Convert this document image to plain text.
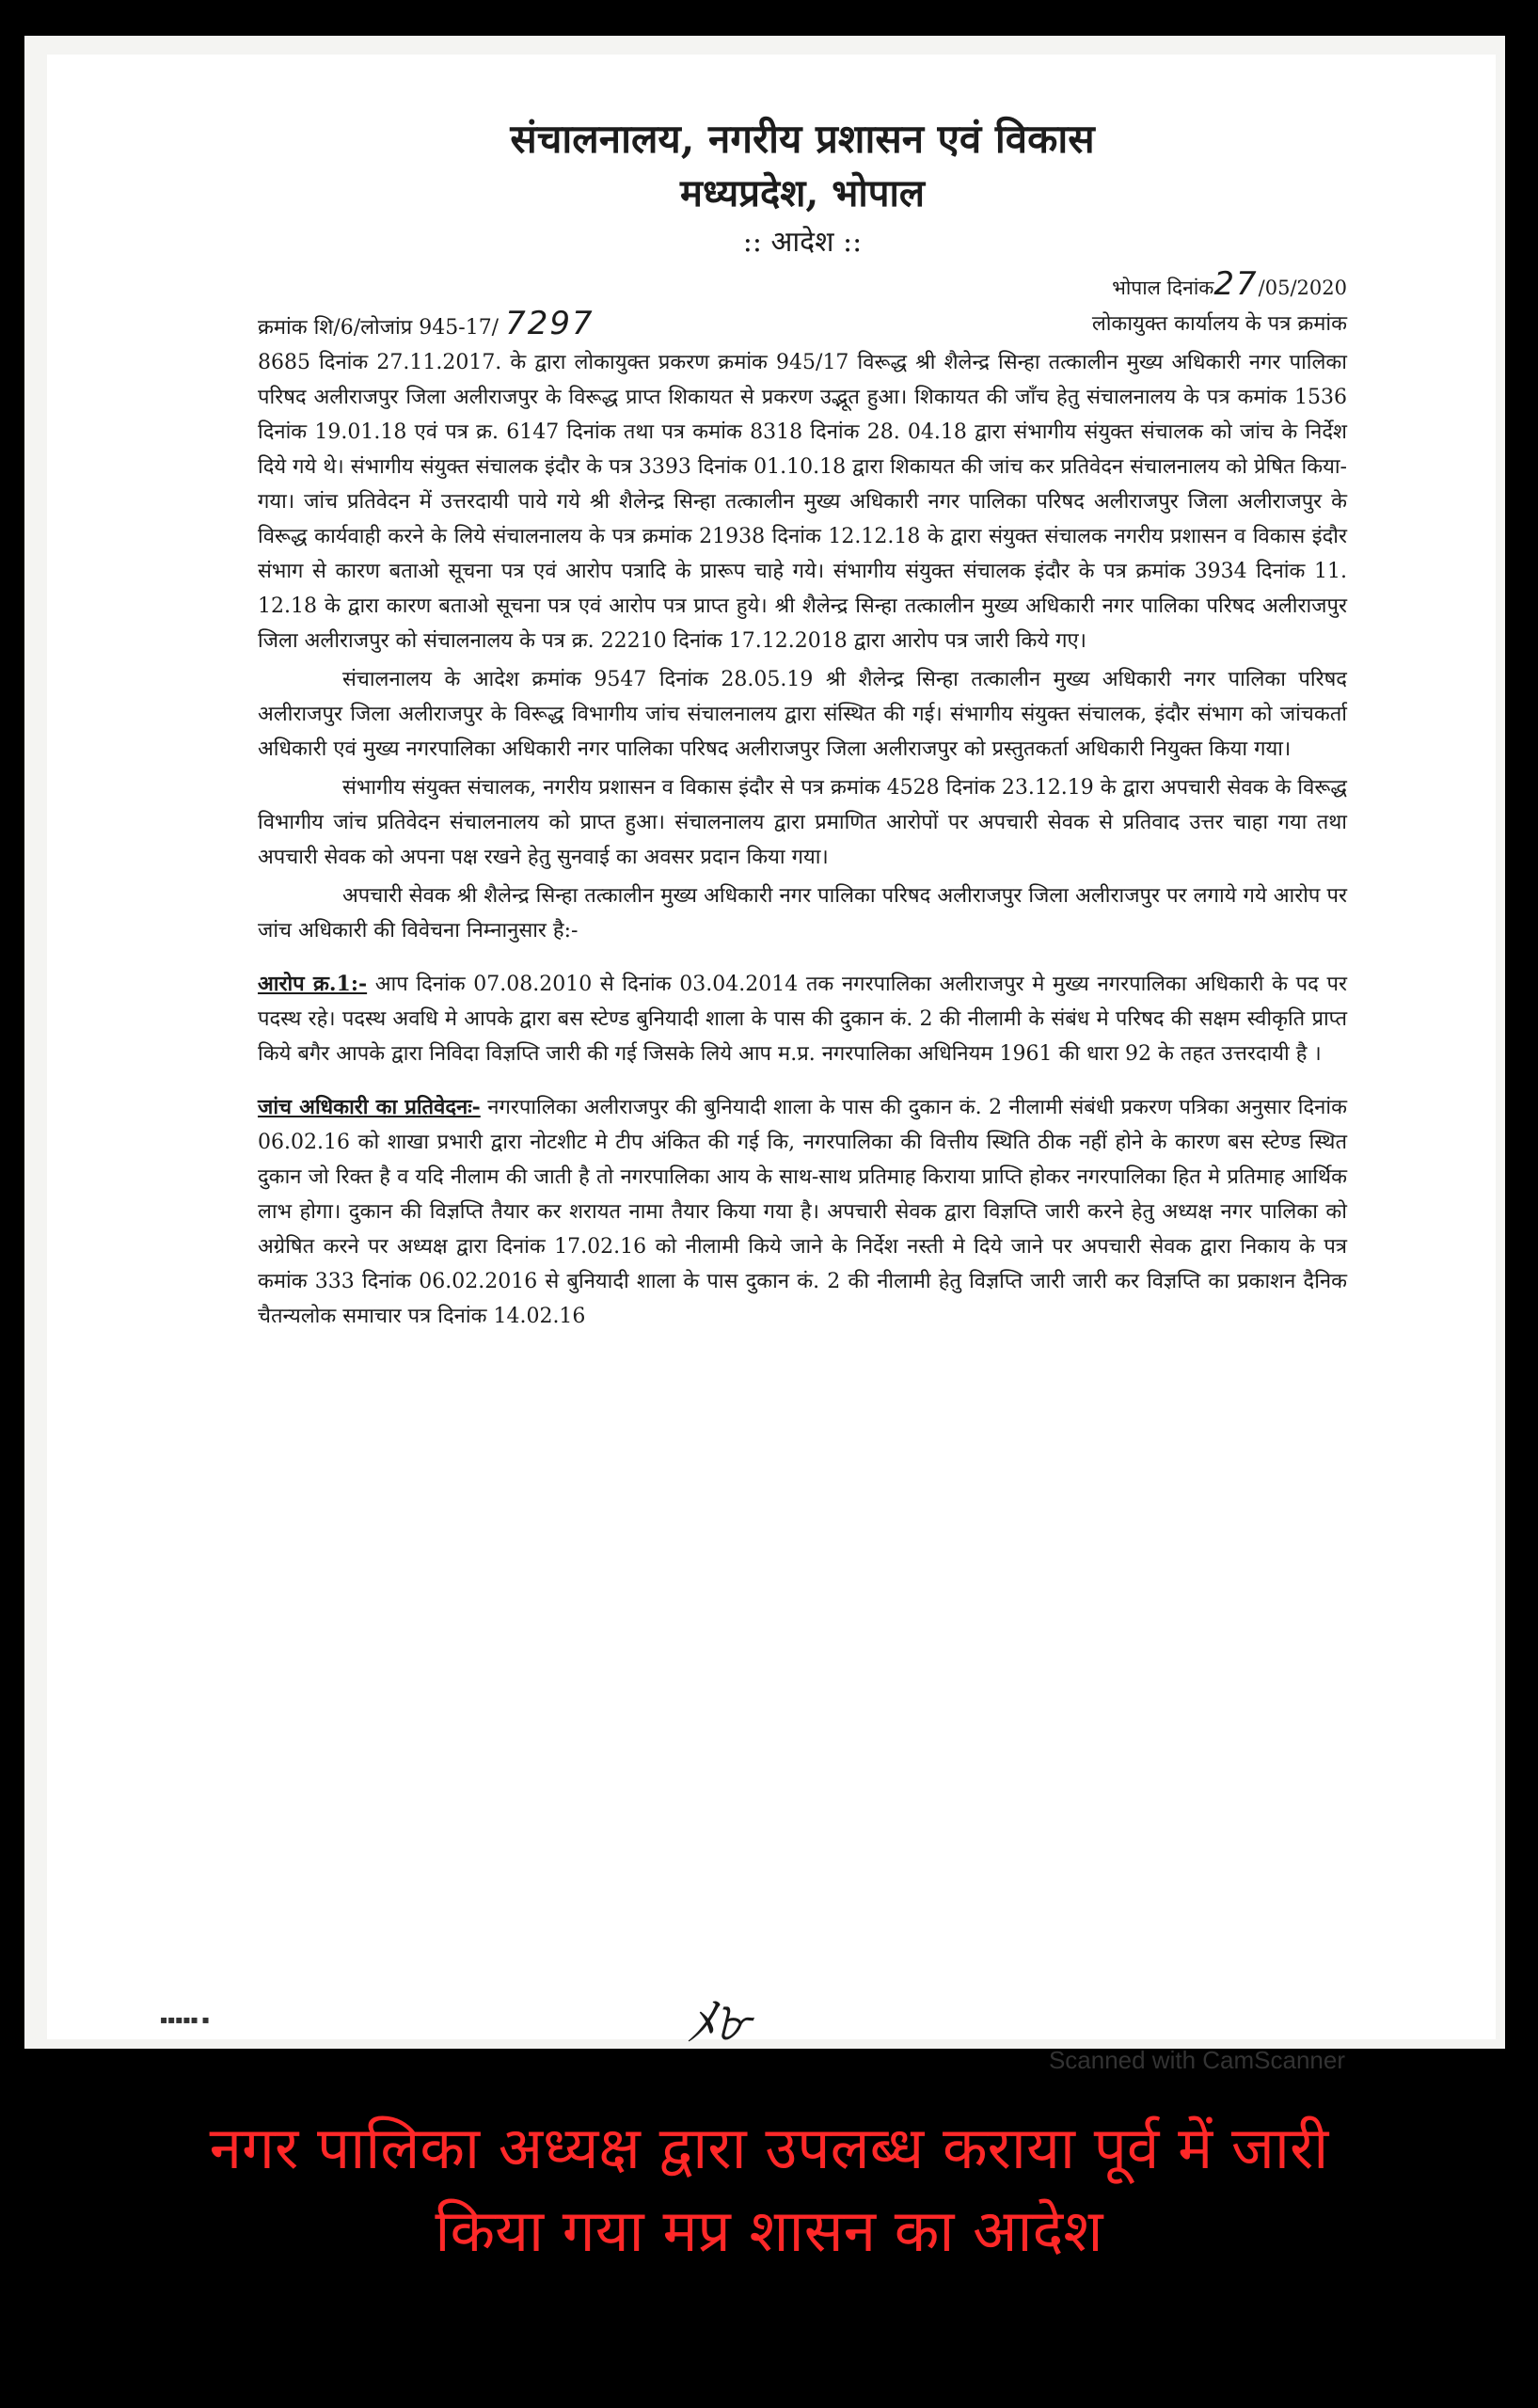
संचालनालय, नगरीय प्रशासन एवं विकास

मध्यप्रदेश, भोपाल

:: आदेश ::

भोपाल दिनांक27/05/2020

क्रमांक शि/6/लोजांप्र 945-17/ 7297	लोकायुक्त कार्यालय के पत्र क्रमांक

8685 दिनांक 27.11.2017. के द्वारा लोकायुक्त प्रकरण क्रमांक 945/17 विरूद्ध श्री शैलेन्द्र सिन्हा तत्कालीन मुख्य अधिकारी नगर पालिका परिषद अलीराजपुर जिला अलीराजपुर के विरूद्ध प्राप्त शिकायत से प्रकरण उद्भूत हुआ। शिकायत की जाँच हेतु संचालनालय के पत्र कमांक 1536 दिनांक 19.01.18 एवं पत्र क्र. 6147 दिनांक तथा पत्र कमांक 8318 दिनांक 28. 04.18 द्वारा संभागीय संयुक्त संचालक को जांच के निर्देश दिये गये थे। संभागीय संयुक्त संचालक इंदौर के पत्र 3393 दिनांक 01.10.18 द्वारा शिकायत की जांच कर प्रतिवेदन संचालनालय को प्रेषित किया-गया। जांच प्रतिवेदन में उत्तरदायी पाये गये श्री शैलेन्द्र सिन्हा तत्कालीन मुख्य अधिकारी नगर पालिका परिषद अलीराजपुर जिला अलीराजपुर के विरूद्ध कार्यवाही करने के लिये संचालनालय के पत्र क्रमांक 21938 दिनांक 12.12.18 के द्वारा संयुक्त संचालक नगरीय प्रशासन व विकास इंदौर संभाग से कारण बताओ सूचना पत्र एवं आरोप पत्रादि के प्रारूप चाहे गये। संभागीय संयुक्त संचालक इंदौर के पत्र क्रमांक 3934 दिनांक 11. 12.18 के द्वारा कारण बताओ सूचना पत्र एवं आरोप पत्र प्राप्त हुये। श्री शैलेन्द्र सिन्हा तत्कालीन मुख्य अधिकारी नगर पालिका परिषद अलीराजपुर जिला अलीराजपुर को संचालनालय के पत्र क्र. 22210 दिनांक 17.12.2018 द्वारा आरोप पत्र जारी किये गए।

संचालनालय के आदेश क्रमांक 9547 दिनांक 28.05.19 श्री शैलेन्द्र सिन्हा तत्कालीन मुख्य अधिकारी नगर पालिका परिषद अलीराजपुर जिला अलीराजपुर के विरूद्ध विभागीय जांच संचालनालय द्वारा संस्थित की गई। संभागीय संयुक्त संचालक, इंदौर संभाग को जांचकर्ता अधिकारी एवं मुख्य नगरपालिका अधिकारी नगर पालिका परिषद अलीराजपुर जिला अलीराजपुर को प्रस्तुतकर्ता अधिकारी नियुक्त किया गया।

संभागीय संयुक्त संचालक, नगरीय प्रशासन व विकास इंदौर से पत्र क्रमांक 4528 दिनांक 23.12.19 के द्वारा अपचारी सेवक के विरूद्ध विभागीय जांच प्रतिवेदन संचालनालय को प्राप्त हुआ। संचालनालय द्वारा प्रमाणित आरोपों पर अपचारी सेवक से प्रतिवाद उत्तर चाहा गया तथा अपचारी सेवक को अपना पक्ष रखने हेतु सुनवाई का अवसर प्रदान किया गया।

अपचारी सेवक श्री शैलेन्द्र सिन्हा तत्कालीन मुख्य अधिकारी नगर पालिका परिषद अलीराजपुर जिला अलीराजपुर पर लगाये गये आरोप पर जांच अधिकारी की विवेचना निम्नानुसार है:-

आरोप क्र.1:- आप दिनांक 07.08.2010 से दिनांक 03.04.2014 तक नगरपालिका अलीराजपुर मे मुख्य नगरपालिका अधिकारी के पद पर पदस्थ रहे। पदस्थ अवधि मे आपके द्वारा बस स्टेण्ड बुनियादी शाला के पास की दुकान कं. 2 की नीलामी के संबंध मे परिषद की सक्षम स्वीकृति प्राप्त किये बगैर आपके द्वारा निविदा विज्ञप्ति जारी की गई जिसके लिये आप म.प्र. नगरपालिका अधिनियम 1961 की धारा 92 के तहत उत्तरदायी है ।

जांच अधिकारी का प्रतिवेदनः- नगरपालिका अलीराजपुर की बुनियादी शाला के पास की दुकान कं. 2 नीलामी संबंधी प्रकरण पत्रिका अनुसार दिनांक 06.02.16 को शाखा प्रभारी द्वारा नोटशीट मे टीप अंकित की गई कि, नगरपालिका की वित्तीय स्थिति ठीक नहीं होने के कारण बस स्टेण्ड स्थित दुकान जो रिक्त है व यदि नीलाम की जाती है तो नगरपालिका आय के साथ-साथ प्रतिमाह किराया प्राप्ति होकर नगरपालिका हित मे प्रतिमाह आर्थिक लाभ होगा। दुकान की विज्ञप्ति तैयार कर शरायत नामा तैयार किया गया है। अपचारी सेवक द्वारा विज्ञप्ति जारी करने हेतु अध्यक्ष नगर पालिका को अग्रेषित करने पर अध्यक्ष द्वारा दिनांक 17.02.16 को नीलामी किये जाने के निर्देश नस्ती मे दिये जाने पर अपचारी सेवक द्वारा निकाय के पत्र कमांक 333 दिनांक 06.02.2016 से बुनियादी शाला के पास दुकान कं. 2 की नीलामी हेतु विज्ञप्ति जारी जारी कर विज्ञप्ति का प्रकाशन दैनिक चैतन्यलोक समाचार पत्र दिनांक 14.02.16

ﾒ৮
▪▪▪▪▪ ▪
Scanned with CamScanner
नगर पालिका अध्यक्ष द्वारा उपलब्ध कराया पूर्व में जारी
किया गया मप्र शासन का आदेश
